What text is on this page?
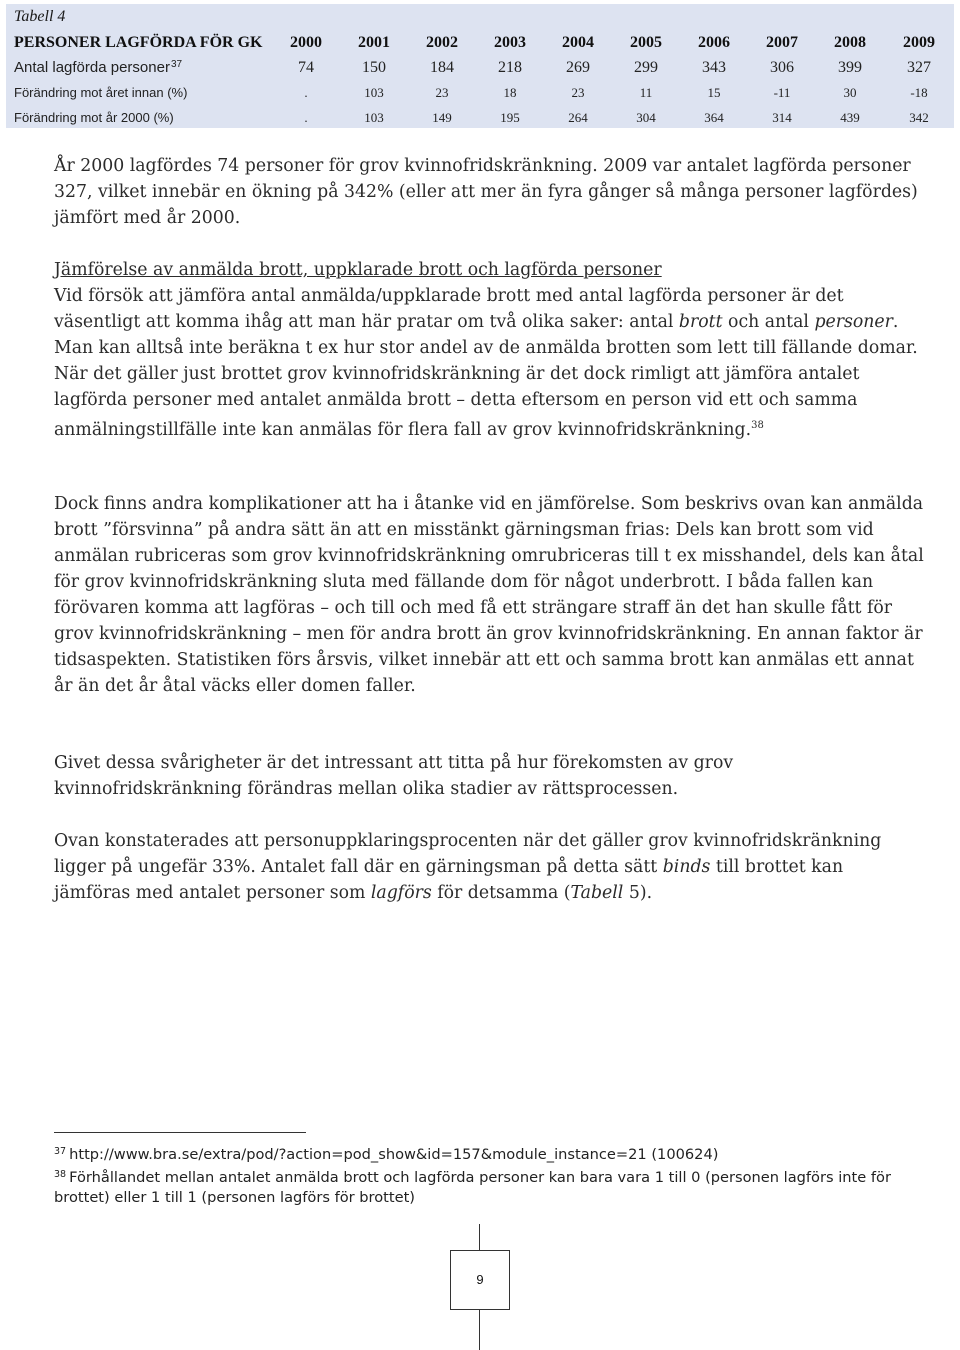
Tabell 4
PERSONER LAGFÖRDA FÖR GK	2000	2001	2002	2003	2004	2005	2006	2007	2008	2009
Antal lagförda personer$^{37}$	74	150	184	218	269	299	343	306	399	327
Förändring mot året innan (%)	.	103	23	18	23	11	15	-11	30	-18
Förändring mot år 2000 (%)	.	103	149	195	264	304	364	314	439	342

År 2000 lagfördes 74 personer för grov kvinnofridskränkning. 2009 var antalet lagförda personer 327, vilket innebär en ökning på 342% (eller att mer än fyra gånger så många personer lagfördes) jämfört med år 2000.

Jämförelse av anmälda brott, uppklarade brott och lagförda personer

Vid försök att jämföra antal anmälda/uppklarade brott med antal lagförda personer är det väsentligt att komma ihåg att man här pratar om två olika saker: antal brott och antal personer. Man kan alltså inte beräkna t ex hur stor andel av de anmälda brotten som lett till fällande domar. När det gäller just brottet grov kvinnofridskränkning är det dock rimligt att jämföra antalet lagförda personer med antalet anmälda brott – detta eftersom en person vid ett och samma anmälningstillfälle inte kan anmälas för flera fall av grov kvinnofridskränkning.$^{38}$

Dock finns andra komplikationer att ha i åtanke vid en jämförelse. Som beskrivs ovan kan anmälda brott ”försvinna” på andra sätt än att en misstänkt gärningsman frias: Dels kan brott som vid anmälan rubriceras som grov kvinnofridskränkning omrubriceras till t ex misshandel, dels kan åtal för grov kvinnofridskränkning sluta med fällande dom för något underbrott. I båda fallen kan förövaren komma att lagföras – och till och med få ett strängare straff än det han skulle fått för grov kvinnofridskränkning – men för andra brott än grov kvinnofridskränkning. En annan faktor är tidsaspekten. Statistiken förs årsvis, vilket innebär att ett och samma brott kan anmälas ett annat år än det år åtal väcks eller domen faller.

Givet dessa svårigheter är det intressant att titta på hur förekomsten av grov kvinnofridskränkning förändras mellan olika stadier av rättsprocessen.

Ovan konstaterades att personuppklaringsprocenten när det gäller grov kvinnofridskränkning ligger på ungefär 33%. Antalet fall där en gärningsman på detta sätt binds till brottet kan jämföras med antalet personer som lagförs för detsamma (Tabell 5).

$^{37}$ http://www.bra.se/extra/pod/?action=pod_show&id=157&module_instance=21 (100624)

$^{38}$ Förhållandet mellan antalet anmälda brott och lagförda personer kan bara vara 1 till 0 (personen lagförs inte för brottet) eller 1 till 1 (personen lagförs för brottet)

9
